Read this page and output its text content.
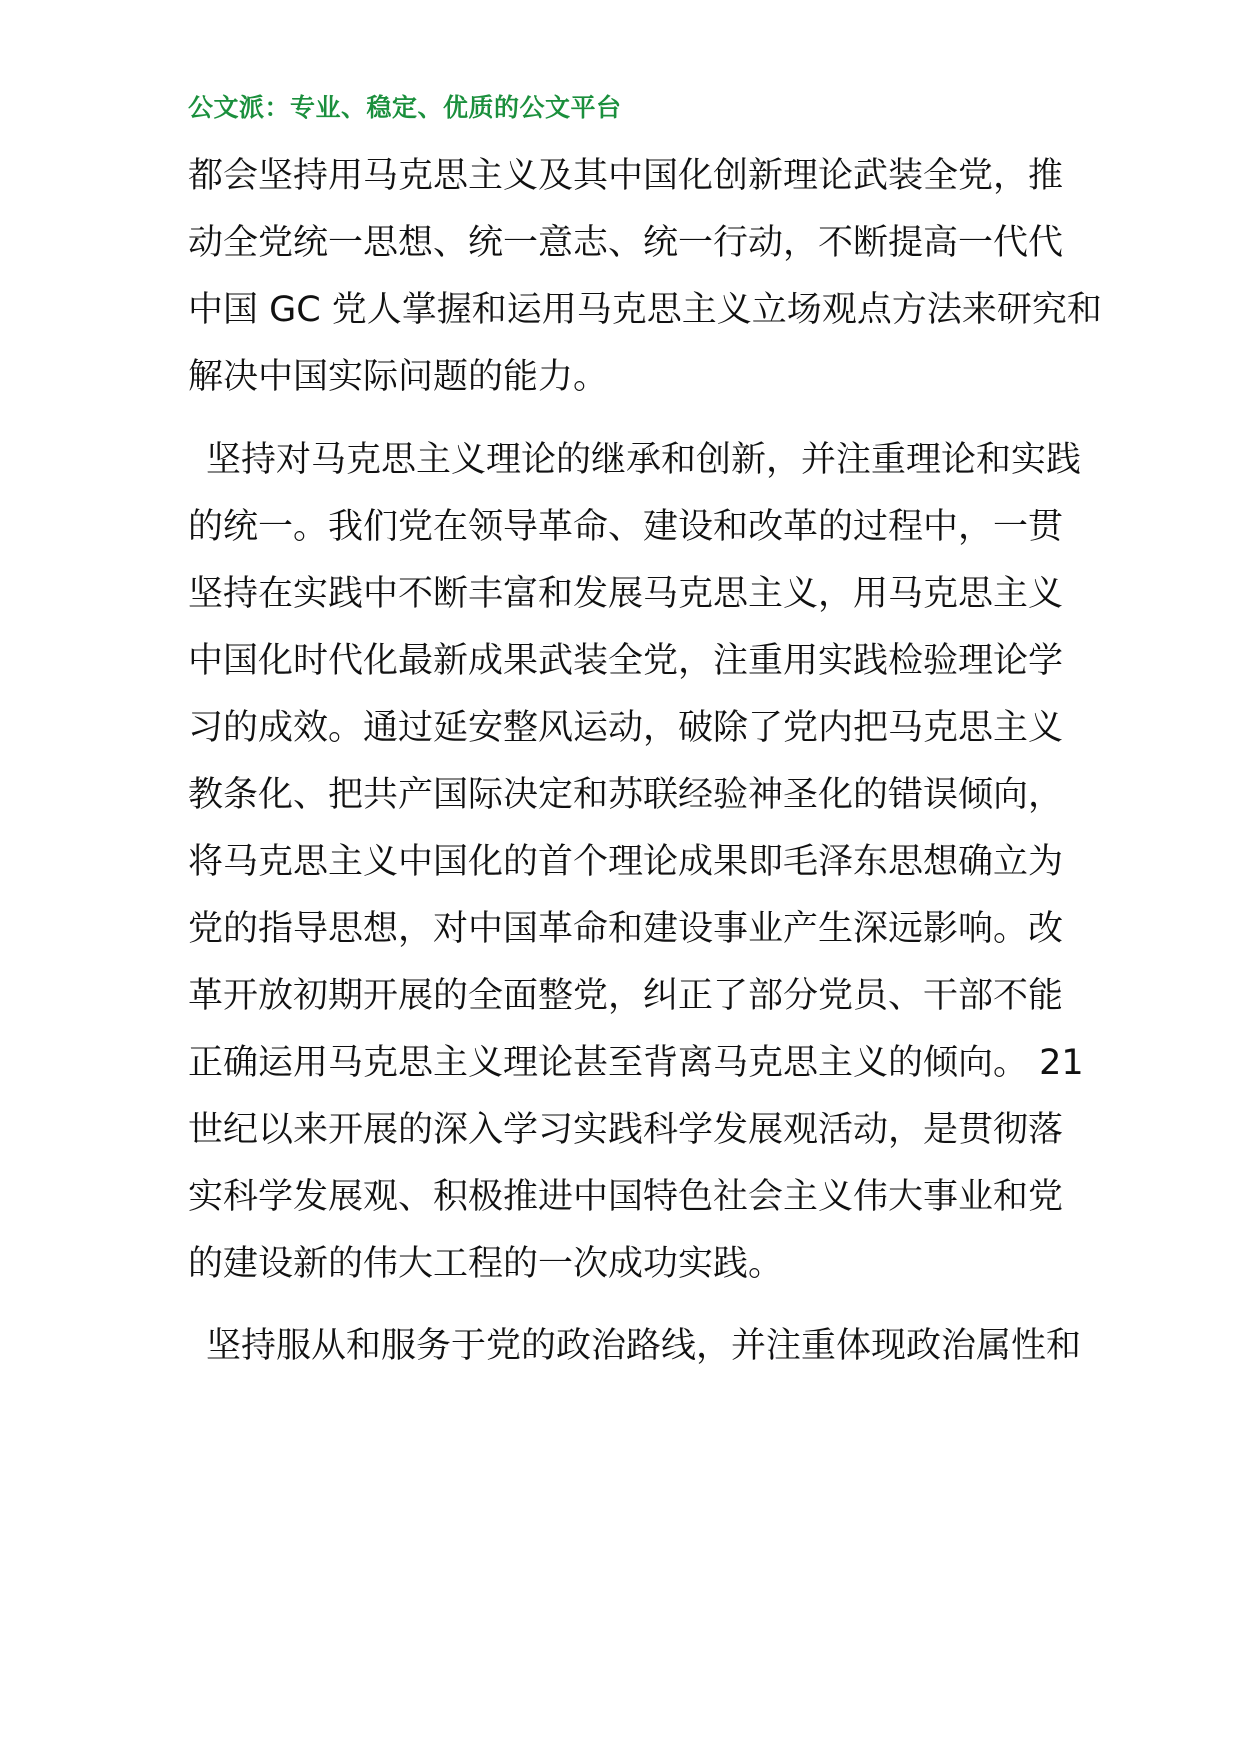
公文派：专业、稳定、优质的公文平台
都会坚持用马克思主义及其中国化创新理论武装全党，推
动全党统一思想、统一意志、统一行动，不断提高一代代
中国 GC 党人掌握和运用马克思主义立场观点方法来研究和
解决中国实际问题的能力。
坚持对马克思主义理论的继承和创新，并注重理论和实践
的统一。我们党在领导革命、建设和改革的过程中，一贯
坚持在实践中不断丰富和发展马克思主义，用马克思主义
中国化时代化最新成果武装全党，注重用实践检验理论学
习的成效。通过延安整风运动，破除了党内把马克思主义
教条化、把共产国际决定和苏联经验神圣化的错误倾向，
将马克思主义中国化的首个理论成果即毛泽东思想确立为
党的指导思想，对中国革命和建设事业产生深远影响。改
革开放初期开展的全面整党，纠正了部分党员、干部不能
正确运用马克思主义理论甚至背离马克思主义的倾向。 21
世纪以来开展的深入学习实践科学发展观活动，是贯彻落
实科学发展观、积极推进中国特色社会主义伟大事业和党
的建设新的伟大工程的一次成功实践。
坚持服从和服务于党的政治路线，并注重体现政治属性和
